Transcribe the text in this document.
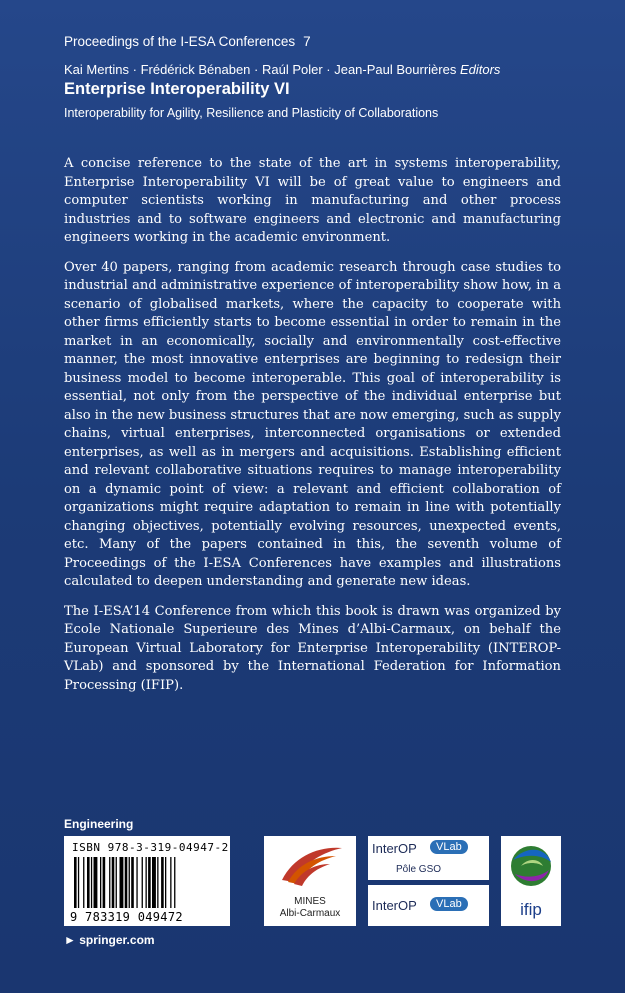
Proceedings of the I-ESA Conferences 7
Kai Mertins · Frédérick Bénaben · Raúl Poler · Jean-Paul Bourrières Editors
Enterprise Interoperability VI
Interoperability for Agility, Resilience and Plasticity of Collaborations

A concise reference to the state of the art in systems interoperability, Enterprise Interoperability VI will be of great value to engineers and computer scientists working in manufacturing and other process industries and to software engineers and electronic and manufacturing engineers working in the academic environment.

Over 40 papers, ranging from academic research through case studies to industrial and administrative experience of interoperability show how, in a scenario of globalised markets, where the capacity to cooperate with other firms efficiently starts to become essential in order to remain in the market in an economically, socially and environmentally cost-effective manner, the most innovative enterprises are beginning to redesign their business model to become interoperable. This goal of interoperability is essential, not only from the perspective of the individual enterprise but also in the new business structures that are now emerging, such as supply chains, virtual enterprises, interconnected organisations or extended enterprises, as well as in mergers and acquisitions. Establishing efficient and relevant collaborative situations requires to manage interoperability on a dynamic point of view: a relevant and efficient collaboration of organizations might require adaptation to remain in line with potentially changing objectives, potentially evolving resources, unexpected events, etc. Many of the papers contained in this, the seventh volume of Proceedings of the I-ESA Conferences have examples and illustrations calculated to deepen understanding and generate new ideas.

The I-ESA’14 Conference from which this book is drawn was organized by Ecole Nationale Superieure des Mines d’Albi-Carmaux, on behalf the European Virtual Laboratory for Enterprise Interoperability (INTEROP-VLab) and sponsored by the International Federation for Information Processing (IFIP).

Engineering
ISBN 978-3-319-04947-2
9 783319 049472
► springer.com
MINES
Albi-Carmaux
InterOP	VLab
Pôle GSO
InterOP	VLab	ifip
